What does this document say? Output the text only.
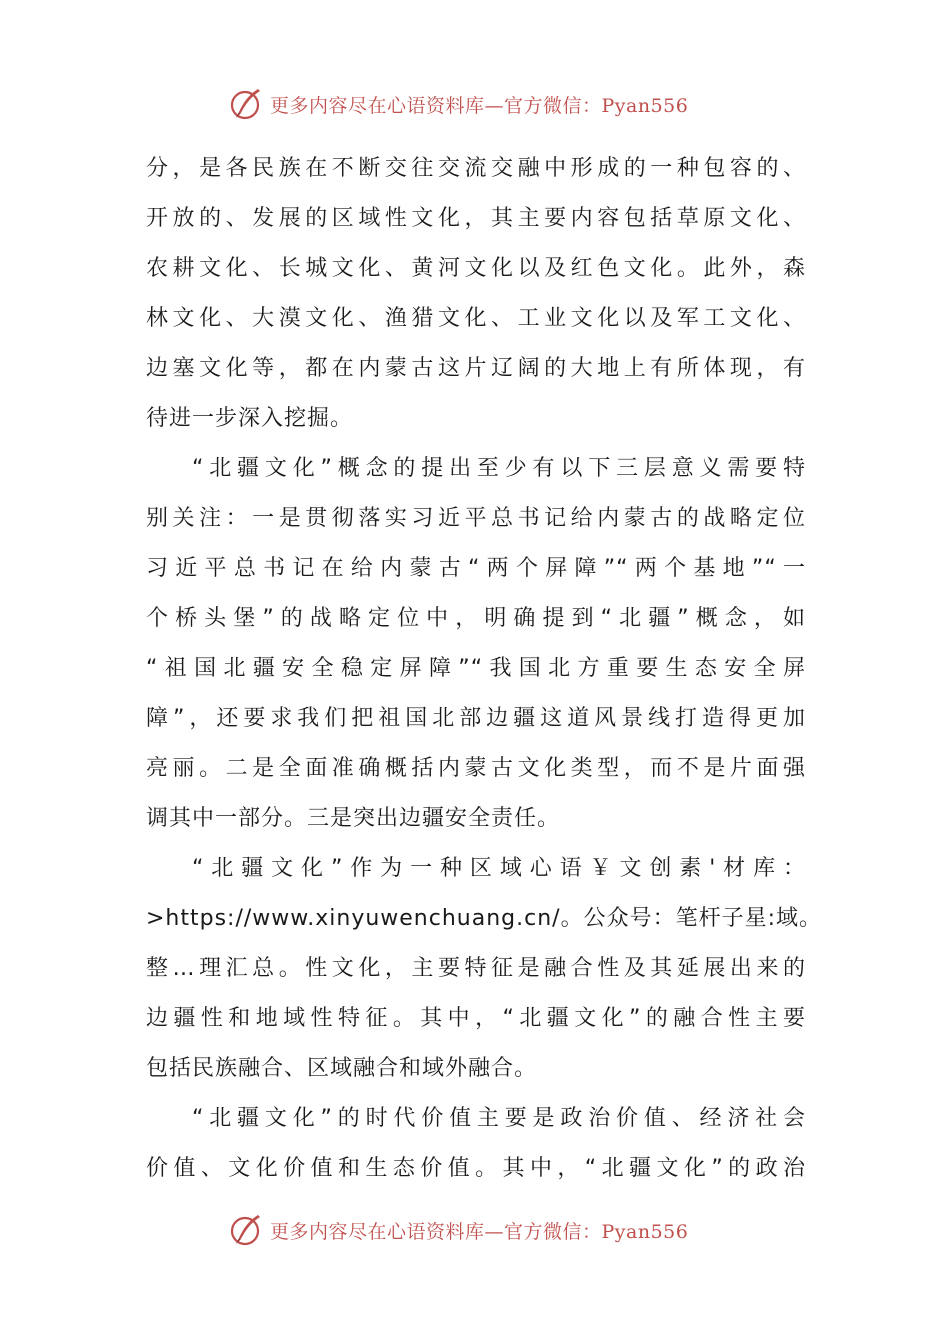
更多内容尽在心语资料库—官方微信：Pyan556
分，是各民族在不断交往交流交融中形成的一种包容的、
开放的、发展的区域性文化，其主要内容包括草原文化、
农耕文化、长城文化、黄河文化以及红色文化。此外，森
林文化、大漠文化、渔猎文化、工业文化以及军工文化、
边塞文化等，都在内蒙古这片辽阔的大地上有所体现，有
待进一步深入挖掘。
“北疆文化”概念的提出至少有以下三层意义需要特
别关注：一是贯彻落实习近平总书记给内蒙古的战略定位
习近平总书记在给内蒙古“两个屏障”“两个基地”“一
个桥头堡”的战略定位中，明确提到“北疆”概念，如
“祖国北疆安全稳定屏障”“我国北方重要生态安全屏
障”，还要求我们把祖国北部边疆这道风景线打造得更加
亮丽。二是全面准确概括内蒙古文化类型，而不是片面强
调其中一部分。三是突出边疆安全责任。
“北疆文化”作为一种区域心语￥文创素'材库：
>https://www.xinyuwenchuang.cn/。公众号：笔杆子星:域。
整…理汇总。性文化，主要特征是融合性及其延展出来的
边疆性和地域性特征。其中，“北疆文化”的融合性主要
包括民族融合、区域融合和域外融合。
“北疆文化”的时代价值主要是政治价值、经济社会
价值、文化价值和生态价值。其中，“北疆文化”的政治
更多内容尽在心语资料库—官方微信：Pyan556
